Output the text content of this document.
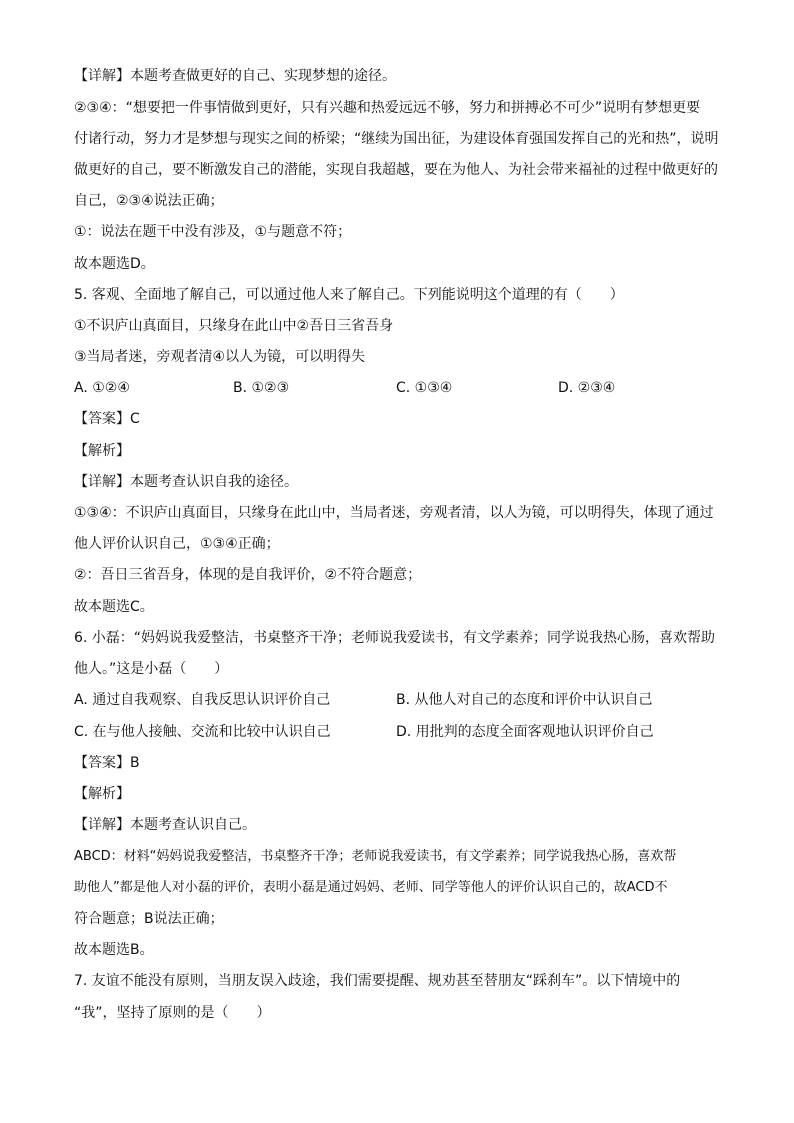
【详解】本题考查做更好的自己、实现梦想的途径。

②③④：“想要把一件事情做到更好，只有兴趣和热爱远远不够，努力和拼搏必不可少”说明有梦想更要

付诸行动，努力才是梦想与现实之间的桥梁；“继续为国出征，为建设体育强国发挥自己的光和热”，说明

做更好的自己，要不断激发自己的潜能，实现自我超越，要在为他人、为社会带来福祉的过程中做更好的

自己，②③④说法正确；

①：说法在题干中没有涉及，①与题意不符；

故本题选D。

5. 客观、全面地了解自己，可以通过他人来了解自己。下列能说明这个道理的有（　　）

①不识庐山真面目，只缘身在此山中②吾日三省吾身

③当局者迷，旁观者清④以人为镜，可以明得失

A. ①②④	B. ①②③	C. ①③④	D. ②③④

【答案】C

【解析】

【详解】本题考查认识自我的途径。

①③④：不识庐山真面目，只缘身在此山中，当局者迷，旁观者清，以人为镜，可以明得失，体现了通过

他人评价认识自己，①③④正确；

②：吾日三省吾身，体现的是自我评价，②不符合题意；

故本题选C。

6. 小磊：“妈妈说我爱整洁，书桌整齐干净；老师说我爱读书，有文学素养；同学说我热心肠，喜欢帮助

他人。”这是小磊（　　）

A. 通过自我观察、自我反思认识评价自己	B. 从他人对自己的态度和评价中认识自己

C. 在与他人接触、交流和比较中认识自己	D. 用批判的态度全面客观地认识评价自己

【答案】B

【解析】

【详解】本题考查认识自己。

ABCD：材料“妈妈说我爱整洁，书桌整齐干净；老师说我爱读书，有文学素养；同学说我热心肠，喜欢帮

助他人”都是他人对小磊的评价，表明小磊是通过妈妈、老师、同学等他人的评价认识自己的，故ACD不

符合题意；B说法正确；

故本题选B。

7. 友谊不能没有原则，当朋友误入歧途，我们需要提醒、规劝甚至替朋友“踩刹车”。以下情境中的

“我”，坚持了原则的是（　　）
